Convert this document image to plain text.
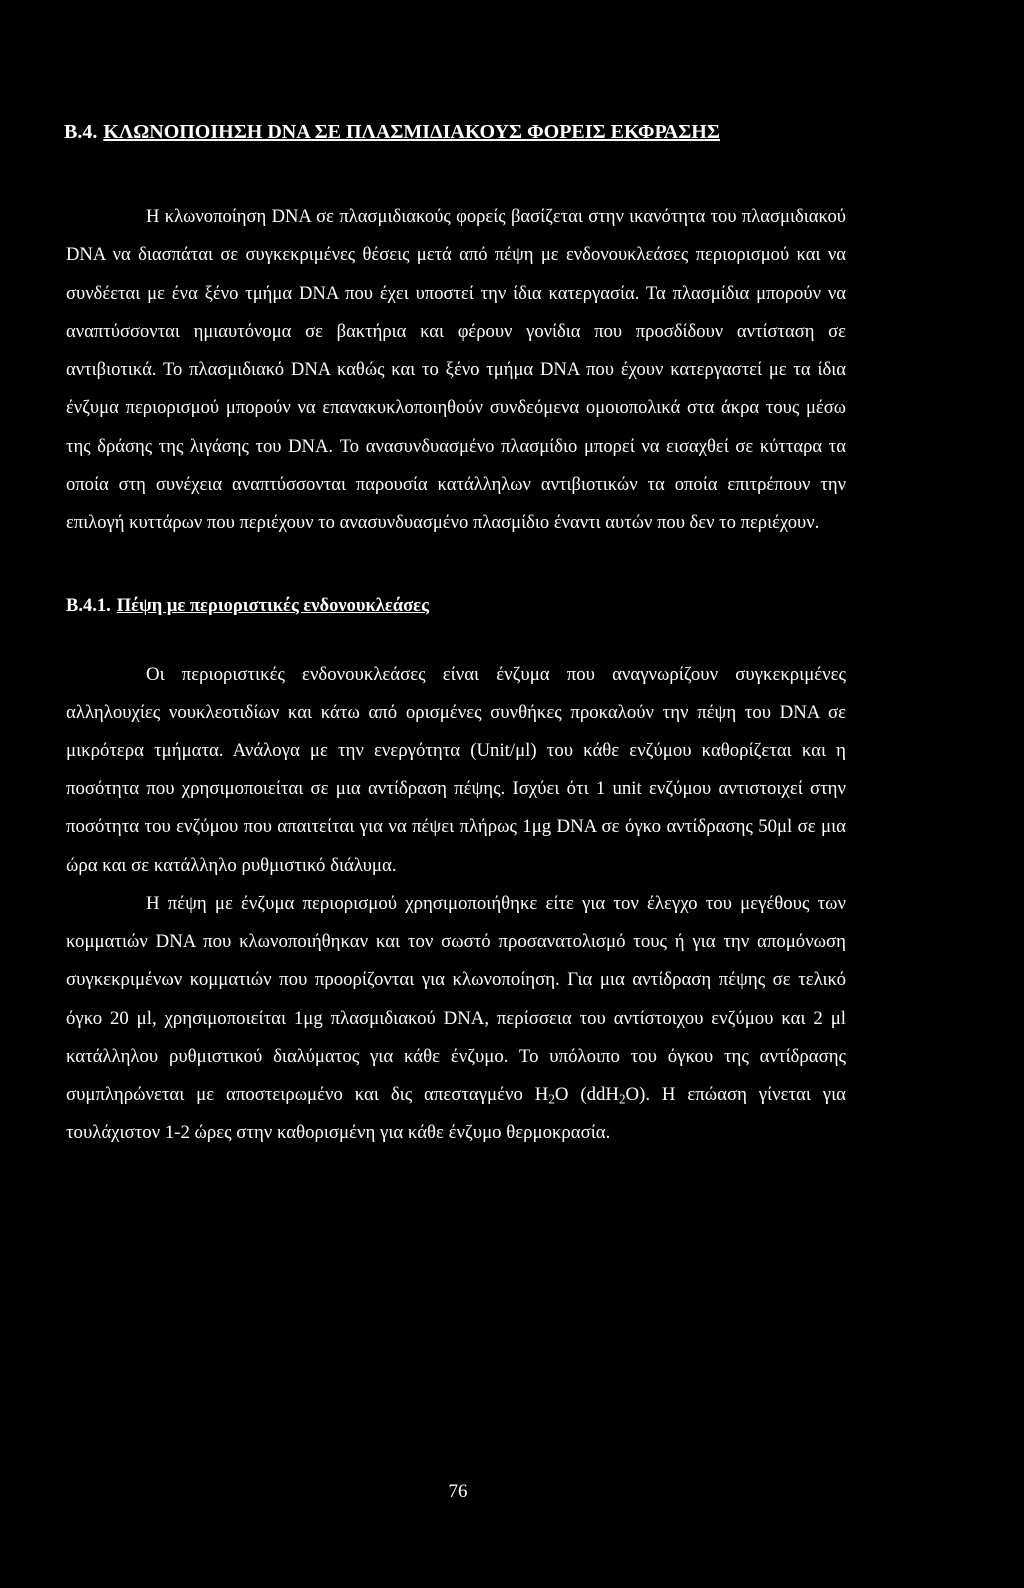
B.4. ΚΛΩΝΟΠΟΙΗΣΗ DNA ΣΕ ΠΛΑΣΜΙΔΙΑΚΟΥΣ ΦΟΡΕΙΣ ΕΚΦΡΑΣΗΣ

Η κλωνοποίηση DNA σε πλασμιδιακούς φορείς βασίζεται στην ικανότητα του πλασμιδιακού DNA να διασπάται σε συγκεκριμένες θέσεις μετά από πέψη με ενδονουκλεάσες περιορισμού και να συνδέεται με ένα ξένο τμήμα DNA που έχει υποστεί την ίδια κατεργασία. Τα πλασμίδια μπορούν να αναπτύσσονται ημιαυτόνομα σε βακτήρια και φέρουν γονίδια που προσδίδουν αντίσταση σε αντιβιοτικά. Το πλασμιδιακό DNA καθώς και το ξένο τμήμα DNA που έχουν κατεργαστεί με τα ίδια ένζυμα περιορισμού μπορούν να επανακυκλοποιηθούν συνδεόμενα ομοιοπολικά στα άκρα τους μέσω της δράσης της λιγάσης του DNA. Το ανασυνδυασμένο πλασμίδιο μπορεί να εισαχθεί σε κύτταρα τα οποία στη συνέχεια αναπτύσσονται παρουσία κατάλληλων αντιβιοτικών τα οποία επιτρέπουν την επιλογή κυττάρων που περιέχουν το ανασυνδυασμένο πλασμίδιο έναντι αυτών που δεν το περιέχουν.

B.4.1. Πέψη με περιοριστικές ενδονουκλεάσες

Οι περιοριστικές ενδονουκλεάσες είναι ένζυμα που αναγνωρίζουν συγκεκριμένες αλληλουχίες νουκλεοτιδίων και κάτω από ορισμένες συνθήκες προκαλούν την πέψη του DNA σε μικρότερα τμήματα. Ανάλογα με την ενεργότητα (Unit/μl) του κάθε ενζύμου καθορίζεται και η ποσότητα που χρησιμοποιείται σε μια αντίδραση πέψης. Ισχύει ότι 1 unit ενζύμου αντιστοιχεί στην ποσότητα του ενζύμου που απαιτείται για να πέψει πλήρως 1μg DNA σε όγκο αντίδρασης 50μl σε μια ώρα και σε κατάλληλο ρυθμιστικό διάλυμα.

Η πέψη με ένζυμα περιορισμού χρησιμοποιήθηκε είτε για τον έλεγχο του μεγέθους των κομματιών DNA που κλωνοποιήθηκαν και τον σωστό προσανατολισμό τους ή για την απομόνωση συγκεκριμένων κομματιών που προορίζονται για κλωνοποίηση. Για μια αντίδραση πέψης σε τελικό όγκο 20 μl, χρησιμοποιείται 1μg πλασμιδιακού DNA, περίσσεια του αντίστοιχου ενζύμου και 2 μl κατάλληλου ρυθμιστικού διαλύματος για κάθε ένζυμο. Το υπόλοιπο του όγκου της αντίδρασης συμπληρώνεται με αποστειρωμένο και δις απεσταγμένο $H_2O$ (ddH$_2$O). Η επώαση γίνεται για τουλάχιστον 1-2 ώρες στην καθορισμένη για κάθε ένζυμο θερμοκρασία.

76
